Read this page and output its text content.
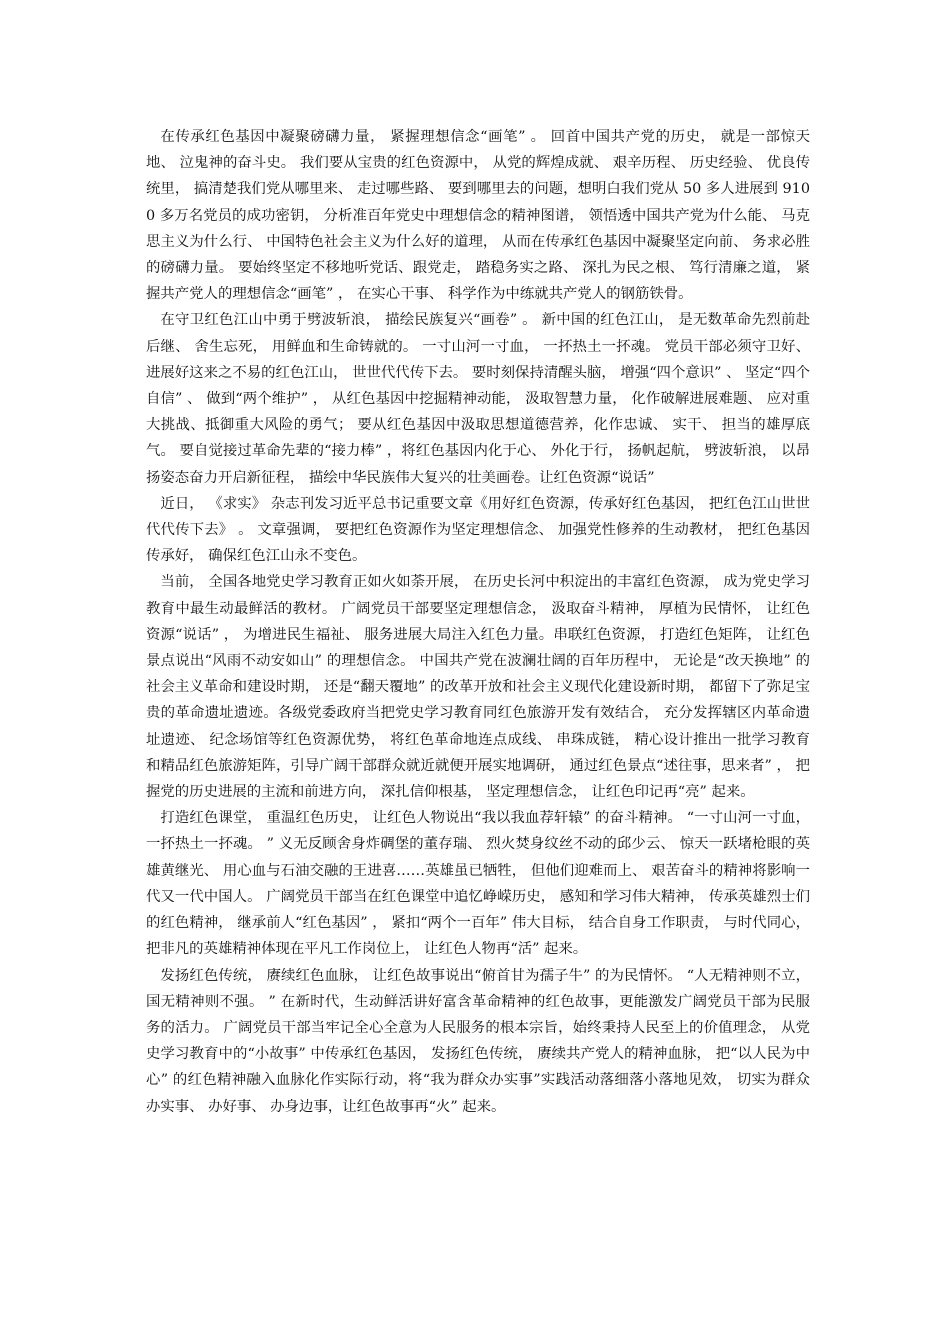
在传承红色基因中凝聚磅礴力量， 紧握理想信念“画笔” 。 回首中国共产党的历史， 就是一部惊天地、 泣鬼神的奋斗史。 我们要从宝贵的红色资源中， 从党的辉煌成就、 艰辛历程、 历史经验、 优良传统里， 搞清楚我们党从哪里来、 走过哪些路、 要到哪里去的问题，想明白我们党从 50 多人进展到 9100 多万名党员的成功密钥， 分析准百年党史中理想信念的精神图谱， 领悟透中国共产党为什么能、 马克思主义为什么行、 中国特色社会主义为什么好的道理， 从而在传承红色基因中凝聚坚定向前、 务求必胜的磅礴力量。 要始终坚定不移地听党话、跟党走， 踏稳务实之路、 深扎为民之根、 笃行清廉之道， 紧握共产党人的理想信念“画笔” ， 在实心干事、 科学作为中练就共产党人的钢筋铁骨。

在守卫红色江山中勇于劈波斩浪， 描绘民族复兴“画卷” 。 新中国的红色江山， 是无数革命先烈前赴后继、 舍生忘死， 用鲜血和生命铸就的。 一寸山河一寸血， 一抔热土一抔魂。 党员干部必须守卫好、进展好这来之不易的红色江山， 世世代代传下去。 要时刻保持清醒头脑， 增强“四个意识” 、 坚定“四个自信” 、 做到“两个维护” ， 从红色基因中挖掘精神动能， 汲取智慧力量， 化作破解进展难题、 应对重大挑战、抵御重大风险的勇气； 要从红色基因中汲取思想道德营养，化作忠诚、 实干、 担当的雄厚底气。 要自觉接过革命先辈的“接力棒” ，将红色基因内化于心、 外化于行， 扬帆起航， 劈波斩浪， 以昂扬姿态奋力开启新征程， 描绘中华民族伟大复兴的壮美画卷。让红色资源“说话”

近日， 《求实》 杂志刊发习近平总书记重要文章《用好红色资源，传承好红色基因， 把红色江山世世代代传下去》 。 文章强调， 要把红色资源作为坚定理想信念、 加强党性修养的生动教材， 把红色基因传承好， 确保红色江山永不变色。

当前， 全国各地党史学习教育正如火如荼开展， 在历史长河中积淀出的丰富红色资源， 成为党史学习教育中最生动最鲜活的教材。 广阔党员干部要坚定理想信念， 汲取奋斗精神， 厚植为民情怀， 让红色资源“说话” ， 为增进民生福祉、 服务进展大局注入红色力量。串联红色资源， 打造红色矩阵， 让红色景点说出“风雨不动安如山” 的理想信念。 中国共产党在波澜壮阔的百年历程中， 无论是“改天换地” 的社会主义革命和建设时期， 还是“翻天覆地” 的改革开放和社会主义现代化建设新时期， 都留下了弥足宝贵的革命遗址遗迹。各级党委政府当把党史学习教育同红色旅游开发有效结合， 充分发挥辖区内革命遗址遗迹、 纪念场馆等红色资源优势， 将红色革命地连点成线、 串珠成链， 精心设计推出一批学习教育和精品红色旅游矩阵，引导广阔干部群众就近就便开展实地调研， 通过红色景点“述往事，思来者” ， 把握党的历史进展的主流和前进方向， 深扎信仰根基， 坚定理想信念， 让红色印记再“亮” 起来。

打造红色课堂， 重温红色历史， 让红色人物说出“我以我血荐轩辕” 的奋斗精神。 “一寸山河一寸血， 一抔热土一抔魂。 ” 义无反顾舍身炸碉堡的董存瑞、 烈火焚身纹丝不动的邱少云、 惊天一跃堵枪眼的英雄黄继光、 用心血与石油交融的王进喜……英雄虽已牺牲， 但他们迎难而上、 艰苦奋斗的精神将影响一代又一代中国人。 广阔党员干部当在红色课堂中追忆峥嵘历史， 感知和学习伟大精神， 传承英雄烈士们的红色精神， 继承前人“红色基因” ， 紧扣“两个一百年” 伟大目标， 结合自身工作职责， 与时代同心， 把非凡的英雄精神体现在平凡工作岗位上， 让红色人物再“活” 起来。

发扬红色传统， 赓续红色血脉， 让红色故事说出“俯首甘为孺子牛” 的为民情怀。 “人无精神则不立， 国无精神则不强。 ” 在新时代，生动鲜活讲好富含革命精神的红色故事，更能激发广阔党员干部为民服务的活力。 广阔党员干部当牢记全心全意为人民服务的根本宗旨，始终秉持人民至上的价值理念， 从党史学习教育中的“小故事” 中传承红色基因， 发扬红色传统， 赓续共产党人的精神血脉， 把“以人民为中心” 的红色精神融入血脉化作实际行动，将“我为群众办实事”实践活动落细落小落地见效， 切实为群众办实事、 办好事、 办身边事，让红色故事再“火” 起来。
